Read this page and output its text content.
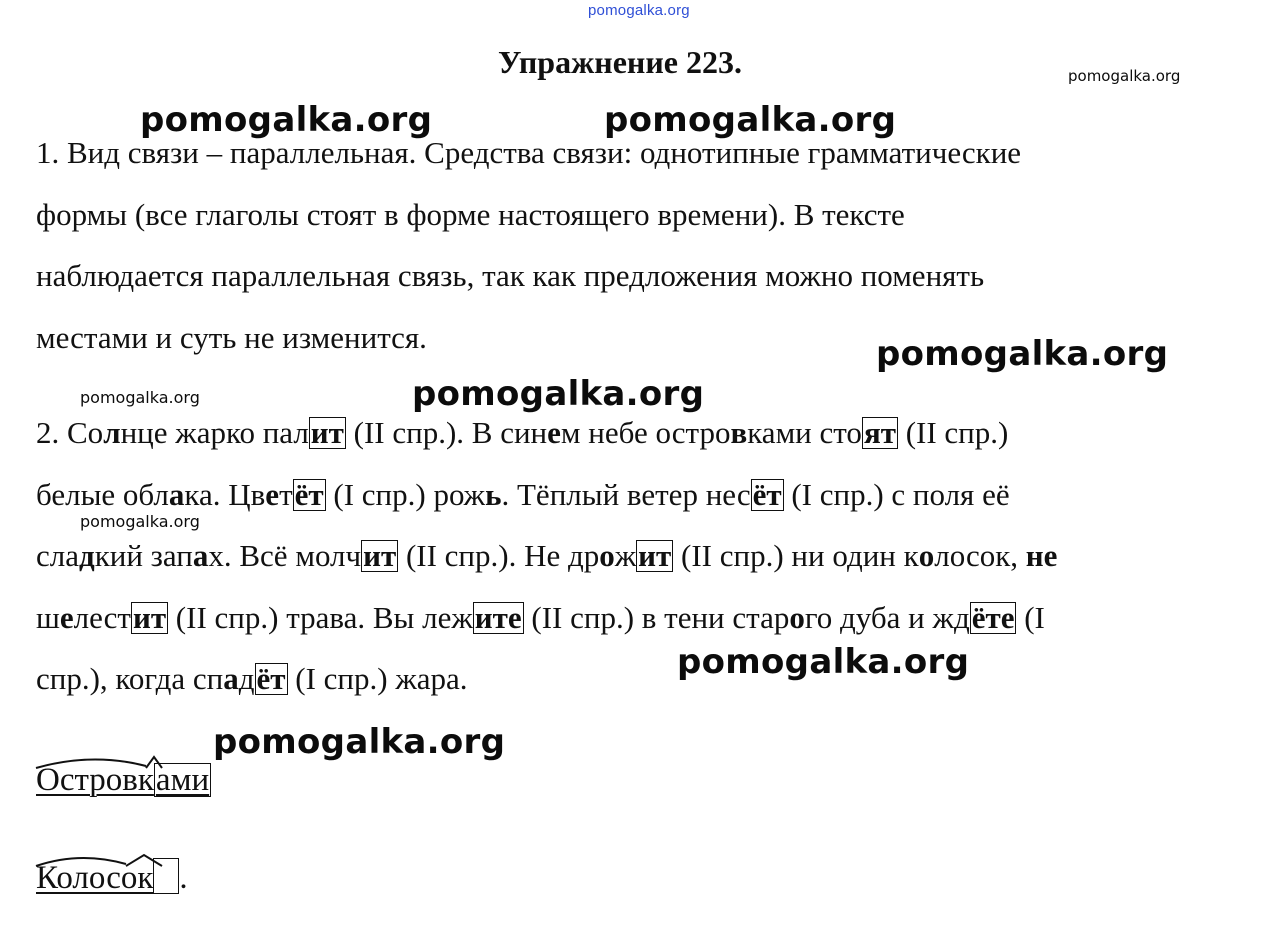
pomogalka.org
Упражнение 223.
1. Вид связи – параллельная. Средства связи: однотипные грамматические
формы (все глаголы стоят в форме настоящего времени). В тексте
наблюдается параллельная связь, так как предложения можно поменять
местами и суть не изменится.
2. Солнце жарко палит (II спр.). В синем небе островками стоят (II спр.)
белые облака. Цветёт (I спр.) рожь. Тёплый ветер несёт (I спр.) с поля её
сладкий запах. Всё молчит (II спр.). Не дрожит (II спр.) ни один колосок, не
шелестит (II спр.) трава. Вы лежите (II спр.) в тени старого дуба и ждёте (I
спр.), когда спадёт (I спр.) жара.
Островками
Колосок .
pomogalka.org
pomogalka.org	pomogalka.org
pomogalka.org
pomogalka.org	pomogalka.org
pomogalka.org
pomogalka.org
pomogalka.org
